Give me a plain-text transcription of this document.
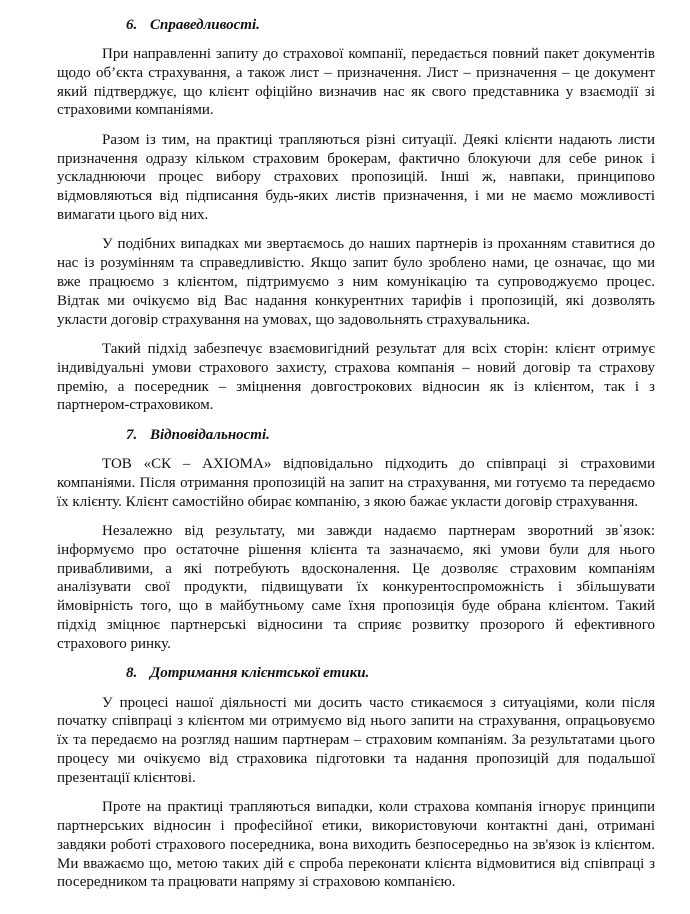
6. Справедливості.
При направленні запиту до страхової компанії, передається повний пакет документів
щодо об’єкта страхування, а також лист – призначення. Лист – призначення – це документ
який підтверджує, що клієнт офіційно визначив нас як свого представника у взаємодії зі
страховими компаніями.
Разом із тим, на практиці трапляються різні ситуації. Деякі клієнти надають листи
призначення одразу кільком страховим брокерам, фактично блокуючи для себе ринок і
ускладнюючи процес вибору страхових пропозицій. Інші ж, навпаки, принципово
відмовляються від підписання будь-яких листів призначення, і ми не маємо можливості
вимагати цього від них.
У подібних випадках ми звертаємось до наших партнерів із проханням ставитися до
нас із розумінням та справедливістю. Якщо запит було зроблено нами, це означає, що ми
вже працюємо з клієнтом, підтримуємо з ним комунікацію та супроводжуємо процес.
Відтак ми очікуємо від Вас надання конкурентних тарифів і пропозицій, які дозволять
укласти договір страхування на умовах, що задовольнять страхувальника.
Такий підхід забезпечує взаємовигідний результат для всіх сторін: клієнт отримує
індивідуальні умови страхового захисту, страхова компанія – новий договір та страхову
премію, а посередник – зміцнення довгострокових відносин як із клієнтом, так і з
партнером-страховиком.
7. Відповідальності.
ТОВ «СК – АХІОМА» відповідально підходить до співпраці зі страховими
компаніями. Після отримання пропозицій на запит на страхування, ми готуємо та передаємо
їх клієнту. Клієнт самостійно обирає компанію, з якою бажає укласти договір страхування.
Незалежно від результату, ми завжди надаємо партнерам зворотний зв᾽язок:
інформуємо про остаточне рішення клієнта та зазначаємо, які умови були для нього
привабливими, а які потребують вдосконалення. Це дозволяє страховим компаніям
аналізувати свої продукти, підвищувати їх конкурентоспроможність і збільшувати
ймовірність того, що в майбутньому саме їхня пропозиція буде обрана клієнтом. Такий
підхід зміцнює партнерські відносини та сприяє розвитку прозорого й ефективного
страхового ринку.
8. Дотримання клієнтської етики.
У процесі нашої діяльності ми досить часто стикаємося з ситуаціями, коли після
початку співпраці з клієнтом ми отримуємо від нього запити на страхування, опрацьовуємо
їх та передаємо на розгляд нашим партнерам – страховим компаніям. За результатами цього
процесу ми очікуємо від страховика підготовки та надання пропозицій для подальшої
презентації клієнтові.
Проте на практиці трапляються випадки, коли страхова компанія ігнорує принципи
партнерських відносин і професійної етики, використовуючи контактні дані, отримані
завдяки роботі страхового посередника, вона виходить безпосередньо на зв'язок із клієнтом.
Ми вважаємо що, метою таких дій є спроба переконати клієнта відмовитися від співпраці з
посередником та працювати напряму зі страховою компанією.
